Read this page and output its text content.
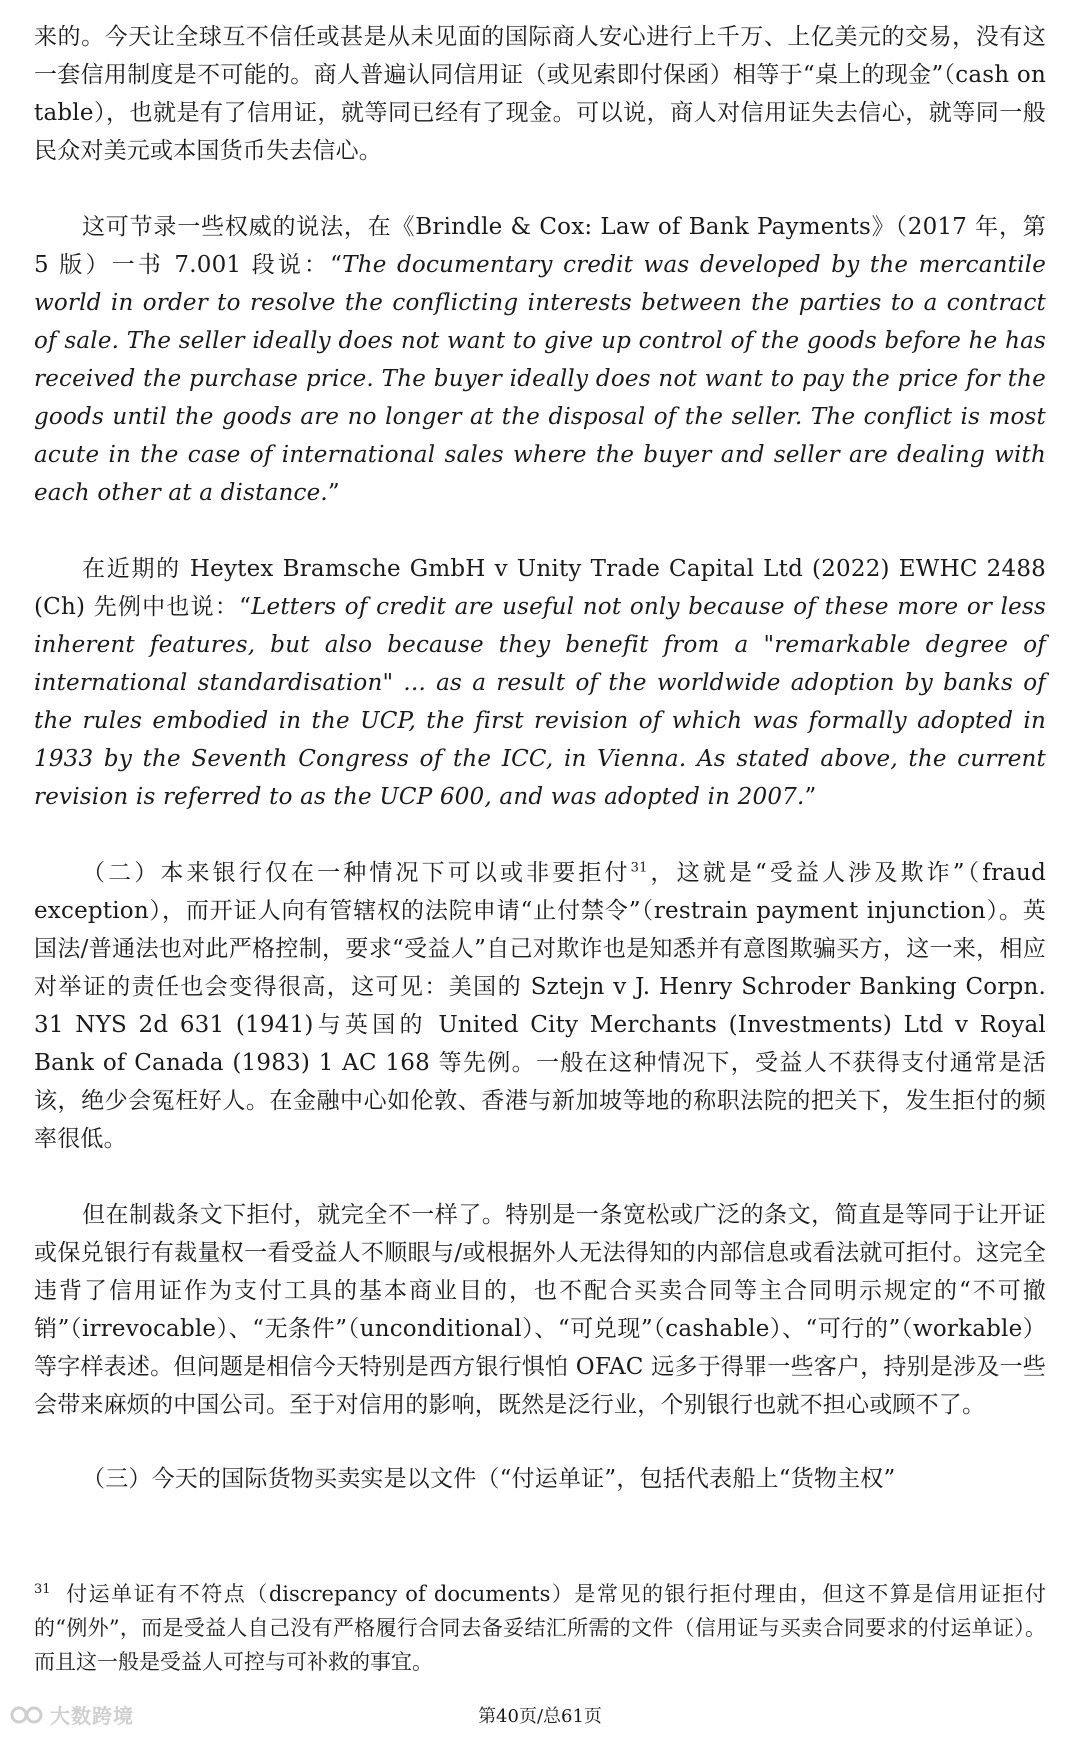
来的。今天让全球互不信任或甚是从未见面的国际商人安心进行上千万、上亿美元的交易，没有这一套信用制度是不可能的。商人普遍认同信用证（或见索即付保函）相等于“桌上的现金”（cash on table），也就是有了信用证，就等同已经有了现金。可以说，商人对信用证失去信心，就等同一般民众对美元或本国货币失去信心。

这可节录一些权威的说法，在《Brindle & Cox: Law of Bank Payments》（2017 年，第 5 版）一书 7.001 段说：“The documentary credit was developed by the mercantile world in order to resolve the conflicting interests between the parties to a contract of sale. The seller ideally does not want to give up control of the goods before he has received the purchase price. The buyer ideally does not want to pay the price for the goods until the goods are no longer at the disposal of the seller. The conflict is most acute in the case of international sales where the buyer and seller are dealing with each other at a distance.”

在近期的 Heytex Bramsche GmbH v Unity Trade Capital Ltd (2022) EWHC 2488 (Ch) 先例中也说：“Letters of credit are useful not only because of these more or less inherent features, but also because they benefit from a "remarkable degree of international standardisation" ... as a result of the worldwide adoption by banks of the rules embodied in the UCP, the first revision of which was formally adopted in 1933 by the Seventh Congress of the ICC, in Vienna. As stated above, the current revision is referred to as the UCP 600, and was adopted in 2007.”

（二）本来银行仅在一种情况下可以或非要拒付$^{31}$，这就是“受益人涉及欺诈”（fraud exception），而开证人向有管辖权的法院申请“止付禁令”（restrain payment injunction）。英国法/普通法也对此严格控制，要求“受益人”自己对欺诈也是知悉并有意图欺骗买方，这一来，相应对举证的责任也会变得很高，这可见：美国的 Sztejn v J. Henry Schroder Banking Corpn. 31 NYS 2d 631 (1941)与英国的 United City Merchants (Investments) Ltd v Royal Bank of Canada (1983) 1 AC 168 等先例。一般在这种情况下，受益人不获得支付通常是活该，绝少会冤枉好人。在金融中心如伦敦、香港与新加坡等地的称职法院的把关下，发生拒付的频率很低。

但在制裁条文下拒付，就完全不一样了。特别是一条宽松或广泛的条文，简直是等同于让开证或保兑银行有裁量权一看受益人不顺眼与/或根据外人无法得知的内部信息或看法就可拒付。这完全违背了信用证作为支付工具的基本商业目的，也不配合买卖合同等主合同明示规定的“不可撤销”（irrevocable）、“无条件”（unconditional）、“可兑现”（cashable）、“可行的”（workable）等字样表述。但问题是相信今天特别是西方银行惧怕 OFAC 远多于得罪一些客户，持别是涉及一些会带来麻烦的中国公司。至于对信用的影响，既然是泛行业，个别银行也就不担心或顾不了。

（三）今天的国际货物买卖实是以文件（“付运单证”，包括代表船上“货物主权”

$^{31}$ 付运单证有不符点（discrepancy of documents）是常见的银行拒付理由，但这不算是信用证拒付的“例外”，而是受益人自己没有严格履行合同去备妥结汇所需的文件（信用证与买卖合同要求的付运单证）。而且这一般是受益人可控与可补救的事宜。

大数跨境	第40页/总61页
